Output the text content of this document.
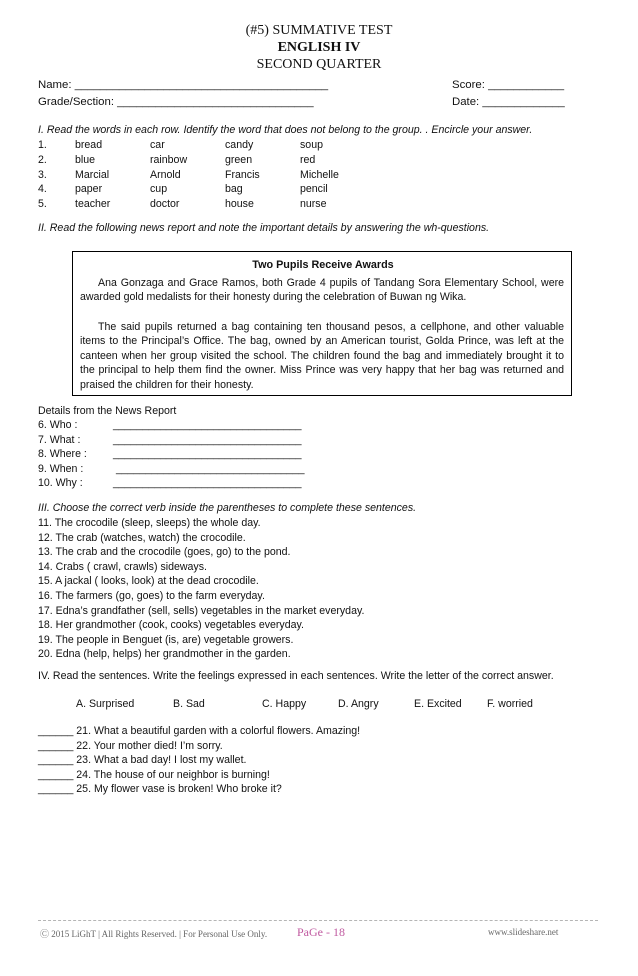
(#5) SUMMATIVE TEST
ENGLISH IV
SECOND QUARTER
Name: ________________________________________	Score: ____________
Grade/Section: _______________________________	Date: _____________
I. Read the words in each row. Identify the word that does not belong to the group. . Encircle your answer.
1.	bread	car	candy	soup
2.	blue	rainbow	green	red
3.	Marcial	Arnold	Francis	Michelle
4.	paper	cup	bag	pencil
5.	teacher	doctor	house	nurse
II. Read the following news report and note the important details by answering the wh-questions.
Two Pupils Receive Awards
Ana Gonzaga and Grace Ramos, both Grade 4 pupils of Tandang Sora Elementary School, were awarded gold medalists for their honesty during the celebration of Buwan ng Wika.
The said pupils returned a bag containing ten thousand pesos, a cellphone, and other valuable items to the Principal’s Office. The bag, owned by an American tourist, Golda Prince, was left at the canteen when her group visited the school. The children found the bag and immediately brought it to the principal to help them find the owner. Miss Prince was very happy that her bag was returned and praised the children for their honesty.
Details from the News Report
6. Who :	________________________________
7. What :	________________________________
8. Where : ________________________________
9. When :	________________________________
10. Why :	________________________________
III. Choose the correct verb inside the parentheses to complete these sentences.
11. The crocodile (sleep, sleeps) the whole day.
12. The crab (watches, watch) the crocodile.
13. The crab and the crocodile (goes, go) to the pond.
14. Crabs ( crawl, crawls) sideways.
15. A jackal ( looks, look) at the dead crocodile.
16. The farmers (go, goes) to the farm everyday.
17. Edna’s grandfather (sell, sells) vegetables in the market everyday.
18. Her grandmother (cook, cooks) vegetables everyday.
19. The people in Benguet (is, are) vegetable growers.
20. Edna (help, helps) her grandmother in the garden.
IV. Read the sentences. Write the feelings expressed in each sentences. Write the letter of the correct answer.
A. Surprised	B. Sad	C. Happy	D. Angry	E. Excited F. worried
______ 21. What a beautiful garden with a colorful flowers. Amazing!
______ 22. Your mother died! I’m sorry.
______ 23. What a bad day! I lost my wallet.
______ 24. The house of our neighbor is burning!
______ 25. My flower vase is broken! Who broke it?
Ⓒ 2015 LiGhT | All Rights Reserved. | For Personal Use Only. PaGe - 18	www.slideshare.net
